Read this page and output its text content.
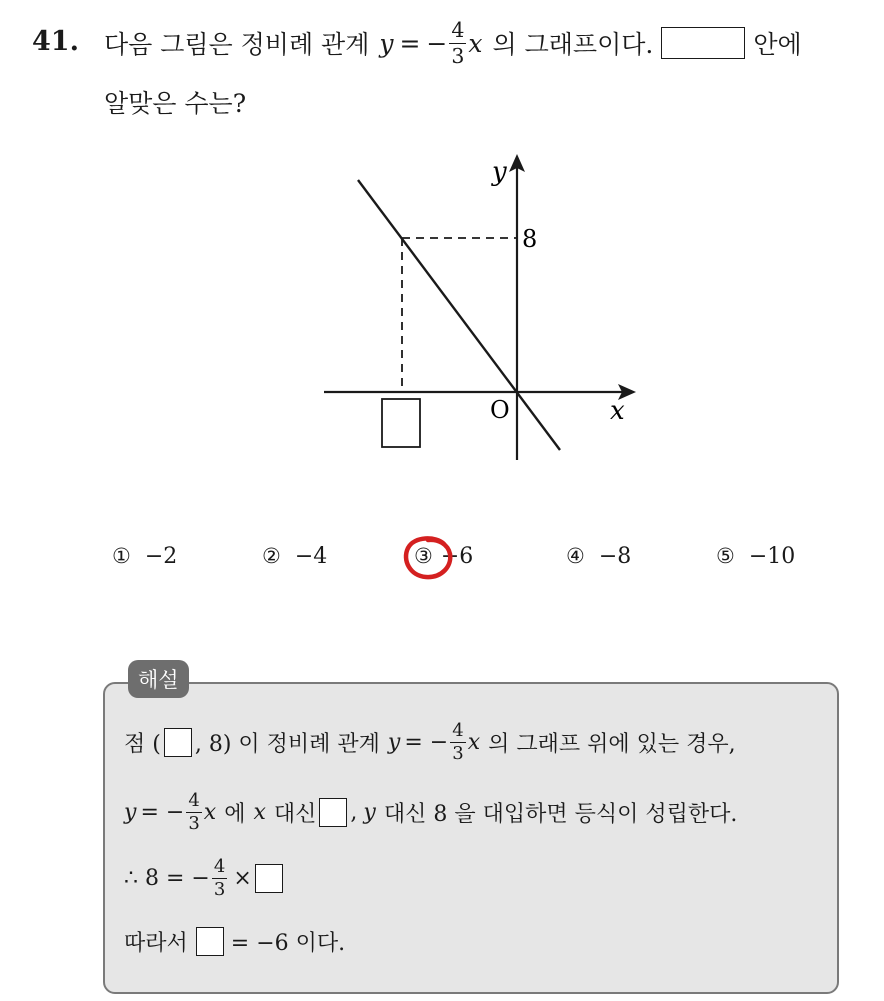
41. 다음 그림은 정비례 관계 y = − $\frac{4}{3}$ x 의 그래프이다.	안에
알맞은 수는?
y
8
O	x
① −2	② −4	③ −6	④ −8	⑤ −10
해설
점 ( , 8) 이 정비례 관계 y = − $\frac{4}{3}$ x 의 그래프 위에 있는 경우,
y = − $\frac{4}{3}$ x 에 x 대신 , y 대신 8 을 대입하면 등식이 성립한다.
∴ 8 = − $\frac{4}{3}$ ×
따라서 = −6 이다.
